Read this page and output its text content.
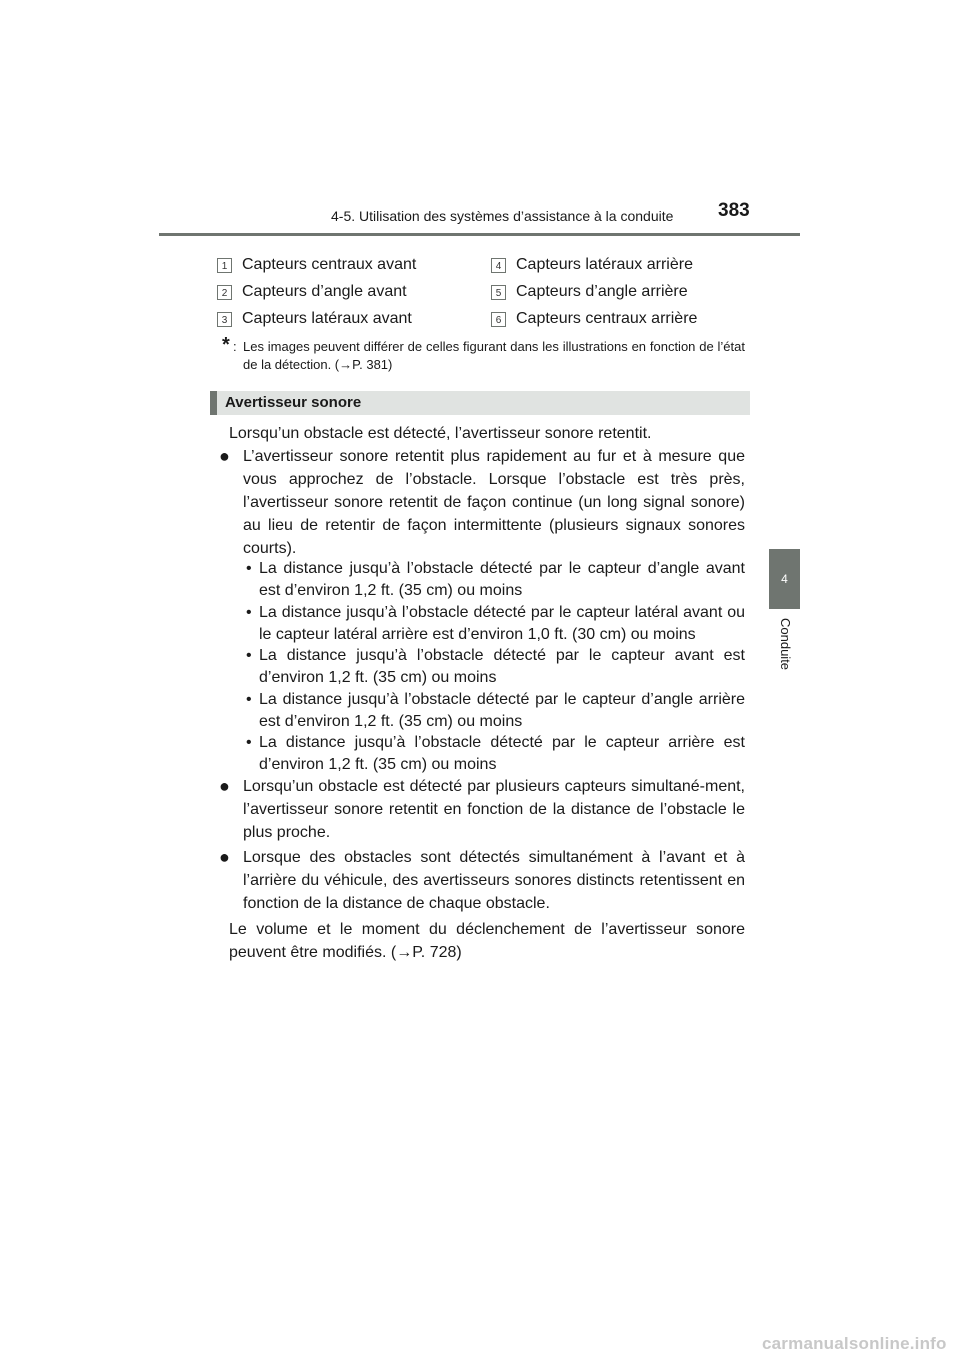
4-5. Utilisation des systèmes d’assistance à la conduite 383
4
Conduite
1 Capteurs centraux avant
2 Capteurs d’angle avant
3 Capteurs latéraux avant
4 Capteurs latéraux arrière
5 Capteurs d’angle arrière
6 Capteurs centraux arrière
* : Les images peuvent différer de celles figurant dans les illustrations en fonction de l’état de la détection. (→P. 381)
Avertisseur sonore
Lorsqu’un obstacle est détecté, l’avertisseur sonore retentit.
● L’avertisseur sonore retentit plus rapidement au fur et à mesure que vous approchez de l’obstacle. Lorsque l’obstacle est très près, l’avertisseur sonore retentit de façon continue (un long signal sonore) au lieu de retentir de façon intermittente (plusieurs signaux sonores courts).
• La distance jusqu’à l’obstacle détecté par le capteur d’angle avant est d’environ 1,2 ft. (35 cm) ou moins
• La distance jusqu’à l’obstacle détecté par le capteur latéral avant ou le capteur latéral arrière est d’environ 1,0 ft. (30 cm) ou moins
• La distance jusqu’à l’obstacle détecté par le capteur avant est d’environ 1,2 ft. (35 cm) ou moins
• La distance jusqu’à l’obstacle détecté par le capteur d’angle arrière est d’environ 1,2 ft. (35 cm) ou moins
• La distance jusqu’à l’obstacle détecté par le capteur arrière est d’environ 1,2 ft. (35 cm) ou moins
● Lorsqu’un obstacle est détecté par plusieurs capteurs simultané-ment, l’avertisseur sonore retentit en fonction de la distance de l’obstacle le plus proche.
● Lorsque des obstacles sont détectés simultanément à l’avant et à l’arrière du véhicule, des avertisseurs sonores distincts retentissent en fonction de la distance de chaque obstacle.
Le volume et le moment du déclenchement de l’avertisseur sonore peuvent être modifiés. (→P. 728)
carmanualsonline.info
